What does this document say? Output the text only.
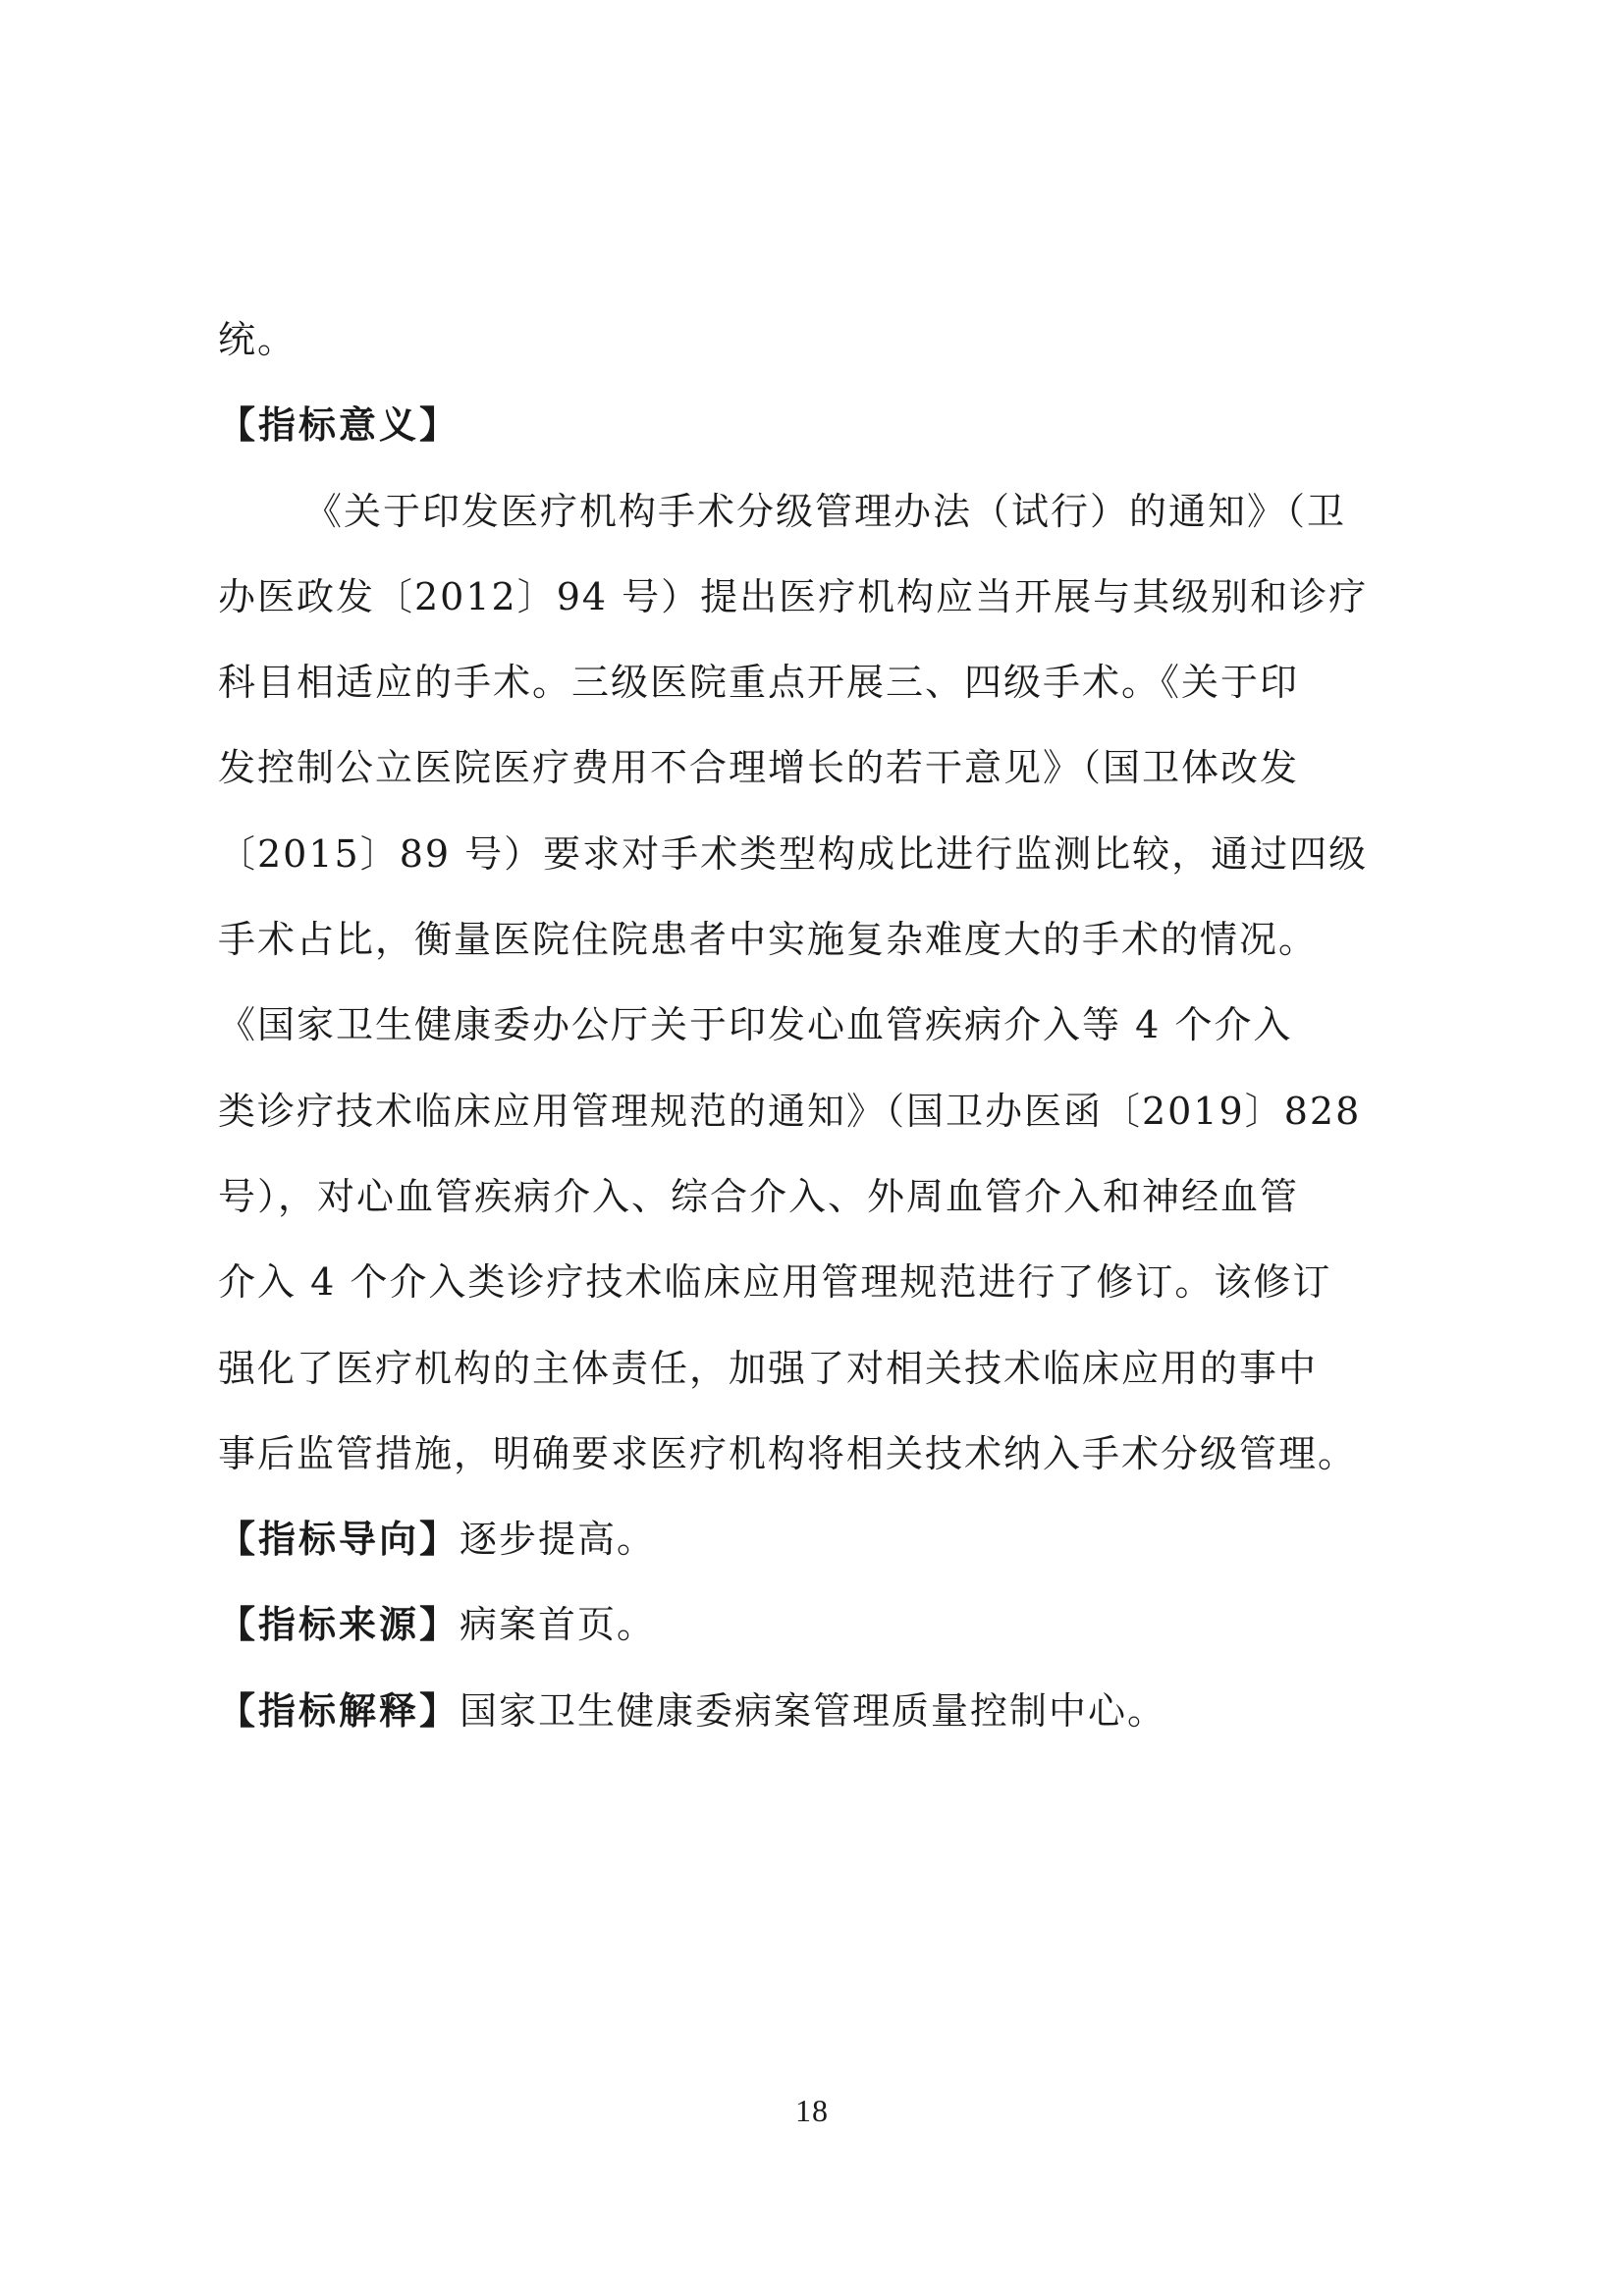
统。
【指标意义】
《关于印发医疗机构手术分级管理办法（试行）的通知》（卫
办医政发〔2012〕94 号）提出医疗机构应当开展与其级别和诊疗
科目相适应的手术。三级医院重点开展三、四级手术。《关于印
发控制公立医院医疗费用不合理增长的若干意见》（国卫体改发
〔2015〕89 号）要求对手术类型构成比进行监测比较，通过四级
手术占比，衡量医院住院患者中实施复杂难度大的手术的情况。
《国家卫生健康委办公厅关于印发心血管疾病介入等 4 个介入
类诊疗技术临床应用管理规范的通知》（国卫办医函〔2019〕828
号），对心血管疾病介入、综合介入、外周血管介入和神经血管
介入 4 个介入类诊疗技术临床应用管理规范进行了修订。该修订
强化了医疗机构的主体责任，加强了对相关技术临床应用的事中
事后监管措施，明确要求医疗机构将相关技术纳入手术分级管理。
【指标导向】逐步提高。
【指标来源】病案首页。
【指标解释】国家卫生健康委病案管理质量控制中心。
18
